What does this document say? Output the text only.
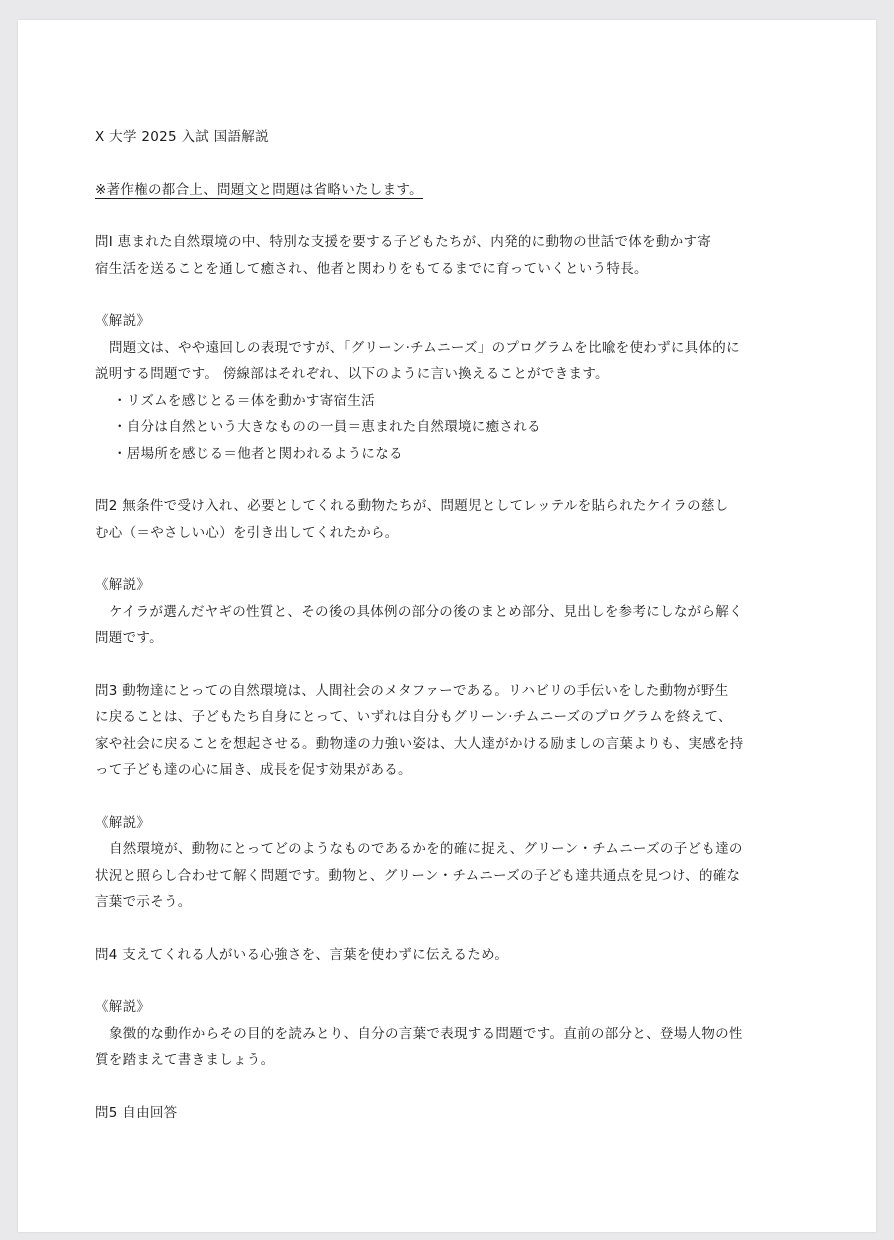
X 大学 2025 入試 国語解説

※著作権の都合上、問題文と問題は省略いたします。

問Ⅰ 恵まれた自然環境の中、特別な支援を要する子どもたちが、内発的に動物の世話で体を動かす寄

宿生活を送ることを通して癒され、他者と関わりをもてるまでに育っていくという特長。

《解説》

問題文は、やや遠回しの表現ですが、「グリーン·チムニーズ」のプログラムを比喩を使わずに具体的に

説明する問題です。 傍線部はそれぞれ、以下のように言い換えることができます。

・リズムを感じとる＝体を動かす寄宿生活

・自分は自然という大きなものの一員＝恵まれた自然環境に癒される

・居場所を感じる＝他者と関われるようになる

問2 無条件で受け入れ、必要としてくれる動物たちが、問題児としてレッテルを貼られたケイラの慈し

む心（＝やさしい心）を引き出してくれたから。

《解説》

ケイラが選んだヤギの性質と、その後の具体例の部分の後のまとめ部分、見出しを参考にしながら解く

問題です。

問3 動物達にとっての自然環境は、人間社会のメタファーである。リハビリの手伝いをした動物が野生

に戻ることは、子どもたち自身にとって、いずれは自分もグリーン·チムニーズのプログラムを終えて、

家や社会に戻ることを想起させる。動物達の力強い姿は、大人達がかける励ましの言葉よりも、実感を持

って子ども達の心に届き、成長を促す効果がある。

《解説》

自然環境が、動物にとってどのようなものであるかを的確に捉え、グリーン・チムニーズの子ども達の

状況と照らし合わせて解く問題です。動物と、グリーン・チムニーズの子ども達共通点を見つけ、的確な

言葉で示そう。

問4 支えてくれる人がいる心強さを、言葉を使わずに伝えるため。

《解説》

象徴的な動作からその目的を読みとり、自分の言葉で表現する問題です。直前の部分と、登場人物の性

質を踏まえて書きましょう。

問5 自由回答
